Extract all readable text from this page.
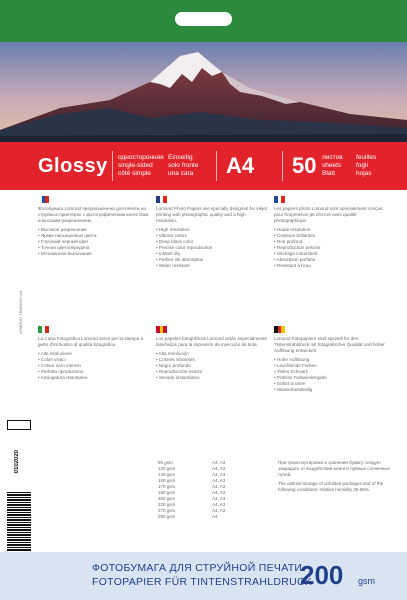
Glossy односторонняя
single-sided
côté simple
Einseitig
solo fronte
una cara A4 50 листов
sheets
Blatt
feuilles
fogli
hojas
LOMOND TRADING Ltd.
0102020

Фотобумага Lomond предназначена для печати на струйных принтерах с фотографическим качеством и высоким разрешением.

• Высокое разрешение
• Яркие насыщенные цвета
• Глубокий черный цвет
• Точная цветопередача
• Мгновенное высыхание

Lomond Photo Papers are specially designed for inkjet printing with photographic quality and a high resolution.

• High resolution
• Vibrant colors
• Deep black color
• Precise color reproduction
• Instant dry
• Perfect ink absorption
• Water resistant

Les papiers photo Lomond sont spécialement conçus pour l'impression jet d'encre avec qualité photographique.

• Haute résolution
• Couleurs brillantes
• Noir profond
• Reproduction précise
• Séchage instantané
• Absorption parfaite
• Résistant à l'eau

La Carta Fotografica Lomond serve per la stampa a getto d'inchiostro di qualità fotografica.

• Alta risoluzione
• Colori vivaci
• Colore nero intenso
• Perfetta riproduzione
• Asciugatura istantanea

Los papeles fotográficos Lomond están especialmente diseñados para la impresión de inyección de tinta.

• Alta resolución
• Colores vibrantes
• Negro profundo
• Reproducción exacta
• Secado instantáneo

Lomond Fotopapiere sind speziell für den Tintenstrahldruck mit fotografischer Qualität und hoher Auflösung entwickelt.

• Hohe Auflösung
• Leuchtende Farben
• Tiefes Schwarz
• Präzise Farbwiedergabe
• Sofort trocken
• Wasserbeständig
85 gsm	A4, A3
120 gsm	A4, A3
140 gsm	A4, A3
150 gsm	A4, A3
170 gsm	A4, A3
180 gsm	A4, A3
200 gsm	A4, A3
230 gsm	A4, A3
270 gsm	A4, A3
280 gsm	A4

При транспортировке и хранении бумагу следует защищать от воздействия влаги и прямых солнечных лучей.

The optimal storage of unfolded packages and of the following conditions: relative humidity 35-65%.

ФОТОБУМАГА ДЛЯ СТРУЙНОЙ ПЕЧАТИ
FOTOPAPIER FÜR TINTENSTRAHLDRUCK
200 gsm
